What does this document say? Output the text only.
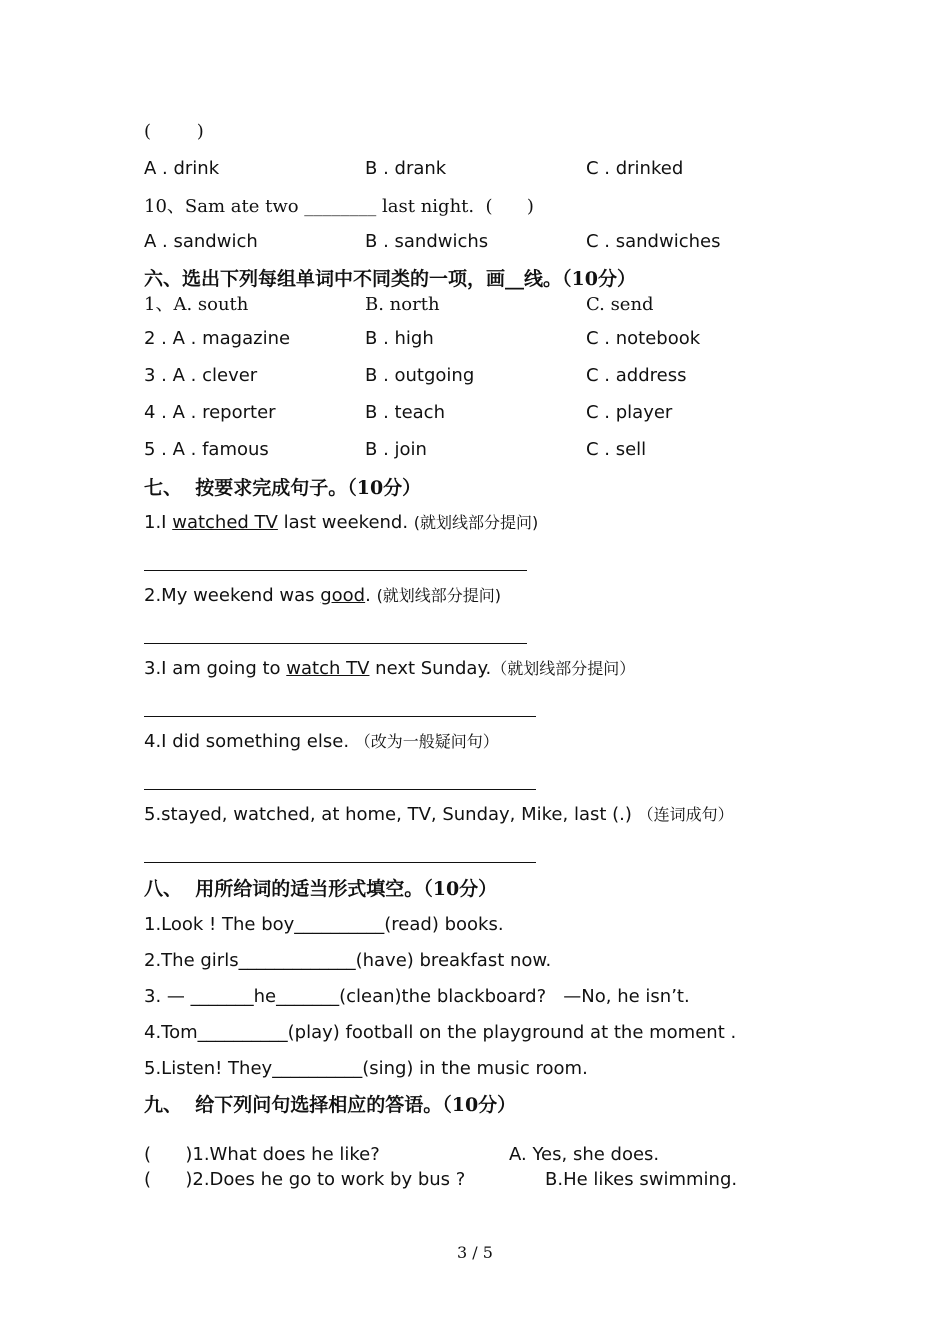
(        )
A . drink	B . drank	C . drinked
10、Sam ate two ________ last night.  (      )
A . sandwich	B . sandwichs	C . sandwiches
六、选出下列每组单词中不同类的一项，画__线。（10分）
1、A. south	B. north	C. send
2 . A . magazine	B . high	C . notebook
3 . A . clever	B . outgoing	C . address
4 . A . reporter	B . teach	C . player
5 . A . famous	B . join	C . sell
七、  按要求完成句子。（10分）
1.I watched TV last weekend. (就划线部分提问)
2.My weekend was good. (就划线部分提问)
3.I am going to watch TV next Sunday.（就划线部分提问）
4.I did something else. （改为一般疑问句）
5.stayed, watched, at home, TV, Sunday, Mike, last (.) （连词成句）
八、  用所给词的适当形式填空。（10分）
1.Look ! The boy__________(read) books.
2.The girls_____________(have) breakfast now.
3. — _______he_______(clean)the blackboard?   —No, he isn’t.
4.Tom__________(play) football on the playground at the moment .
5.Listen! They__________(sing) in the music room.
九、  给下列问句选择相应的答语。（10分）
(      )1.What does he like?	A. Yes, she does.
(      )2.Does he go to work by bus ?	B.He likes swimming.
3 / 5
